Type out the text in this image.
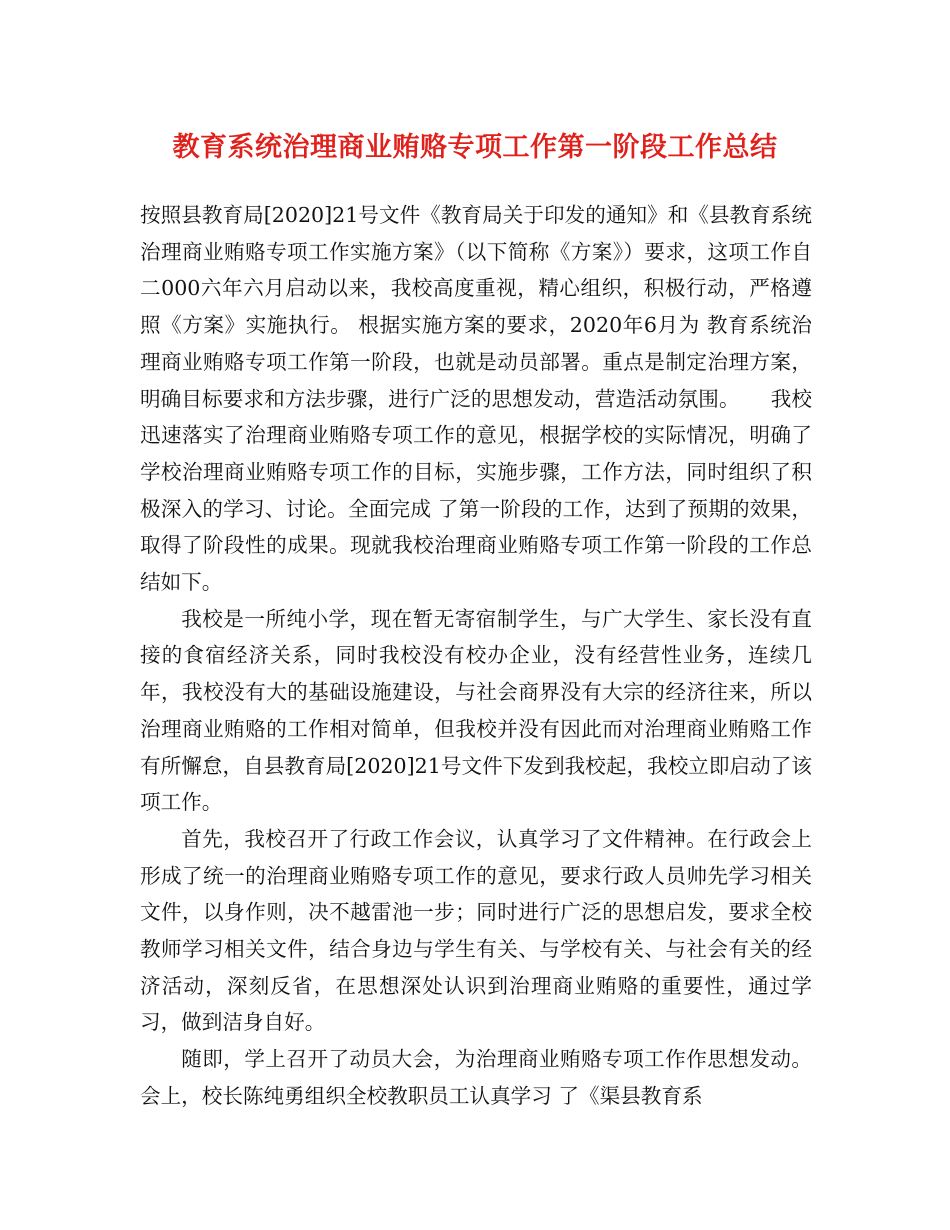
教育系统治理商业贿赂专项工作第一阶段工作总结

按照县教育局[2020]21号文件《教育局关于印发的通知》和《县教育系统治理商业贿赂专项工作实施方案》（以下简称《方案》）要求，这项工作自二000六年六月启动以来，我校高度重视，精心组织，积极行动，严格遵照《方案》实施执行。 根据实施方案的要求，2020年6月为 教育系统治理商业贿赂专项工作第一阶段，也就是动员部署。重点是制定治理方案，明确目标要求和方法步骤，进行广泛的思想发动，营造活动氛围。　　我校迅速落实了治理商业贿赂专项工作的意见，根据学校的实际情况，明确了学校治理商业贿赂专项工作的目标，实施步骤，工作方法，同时组织了积极深入的学习、讨论。全面完成 了第一阶段的工作，达到了预期的效果，取得了阶段性的成果。现就我校治理商业贿赂专项工作第一阶段的工作总结如下。

我校是一所纯小学，现在暂无寄宿制学生，与广大学生、家长没有直接的食宿经济关系，同时我校没有校办企业，没有经营性业务，连续几年，我校没有大的基础设施建设，与社会商界没有大宗的经济往来，所以治理商业贿赂的工作相对简单，但我校并没有因此而对治理商业贿赂工作有所懈怠，自县教育局[2020]21号文件下发到我校起，我校立即启动了该项工作。

首先，我校召开了行政工作会议，认真学习了文件精神。在行政会上形成了统一的治理商业贿赂专项工作的意见，要求行政人员帅先学习相关文件，以身作则，决不越雷池一步；同时进行广泛的思想启发，要求全校教师学习相关文件，结合身边与学生有关、与学校有关、与社会有关的经济活动，深刻反省，在思想深处认识到治理商业贿赂的重要性，通过学习，做到洁身自好。

随即，学上召开了动员大会，为治理商业贿赂专项工作作思想发动。会上，校长陈纯勇组织全校教职员工认真学习 了《渠县教育系
